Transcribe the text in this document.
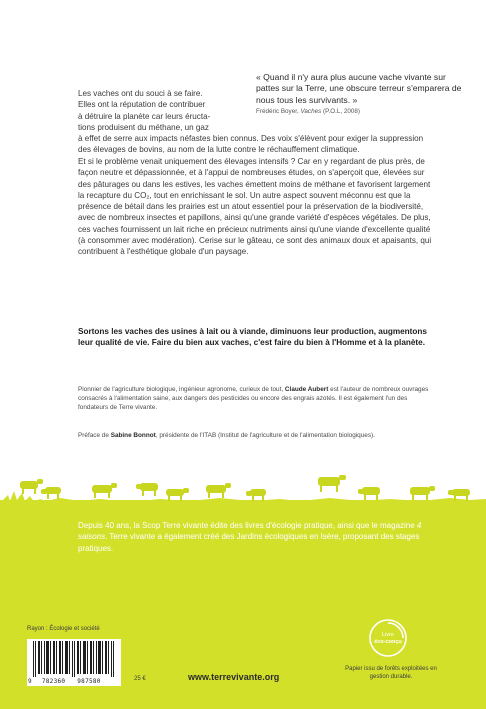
« Quand il n'y aura plus aucune vache vivante sur pattes sur la Terre, une obscure terreur s'emparera de nous tous les survivants. »
Frédéric Boyer, Vaches (P.O.L, 2008)

Les vaches ont du souci à se faire.
Elles ont la réputation de contribuer
à détruire la planète car leurs éructa-
tions produisent du méthane, un gaz
à effet de serre aux impacts néfastes bien connus. Des voix s'élèvent pour exiger la suppression des élevages de bovins, au nom de la lutte contre le réchauffement climatique.

Et si le problème venait uniquement des élevages intensifs ? Car en y regardant de plus près, de façon neutre et dépassionnée, et à l'appui de nombreuses études, on s'aperçoit que, élevées sur des pâturages ou dans les estives, les vaches émettent moins de méthane et favorisent largement la recapture du CO₂, tout en enrichissant le sol. Un autre aspect souvent méconnu est que la présence de bétail dans les prairies est un atout essentiel pour la préservation de la biodiversité, avec de nombreux insectes et papillons, ainsi qu'une grande variété d'espèces végétales. De plus, ces vaches fournissent un lait riche en précieux nutriments ainsi qu'une viande d'excellente qualité (à consommer avec modération). Cerise sur le gâteau, ce sont des animaux doux et apaisants, qui contribuent à l'esthétique globale d'un paysage.

Sortons les vaches des usines à lait ou à viande, diminuons leur production, augmentons leur qualité de vie. Faire du bien aux vaches, c'est faire du bien à l'Homme et à la planète.
Pionnier de l'agriculture biologique, ingénieur agronome, curieux de tout, Claude Aubert est l'auteur de nombreux ouvrages consacrés à l'alimentation saine, aux dangers des pesticides ou encore des engrais azotés. Il est également l'un des fondateurs de Terre vivante.
Préface de Sabine Bonnot, présidente de l'ITAB (Institut de l'agriculture et de l'alimentation biologiques).
Depuis 40 ans, la Scop Terre vivante édite des livres d'écologie pratique, ainsi que le magazine 4 saisons. Terre vivante a également créé des Jardins écologiques en Isère, proposant des stages pratiques.
Rayon : Écologie et société
9 782360 987580	25 €	www.terrevivante.org
Livre
éco-conçu
Papier issu de forêts exploitées en gestion durable.
